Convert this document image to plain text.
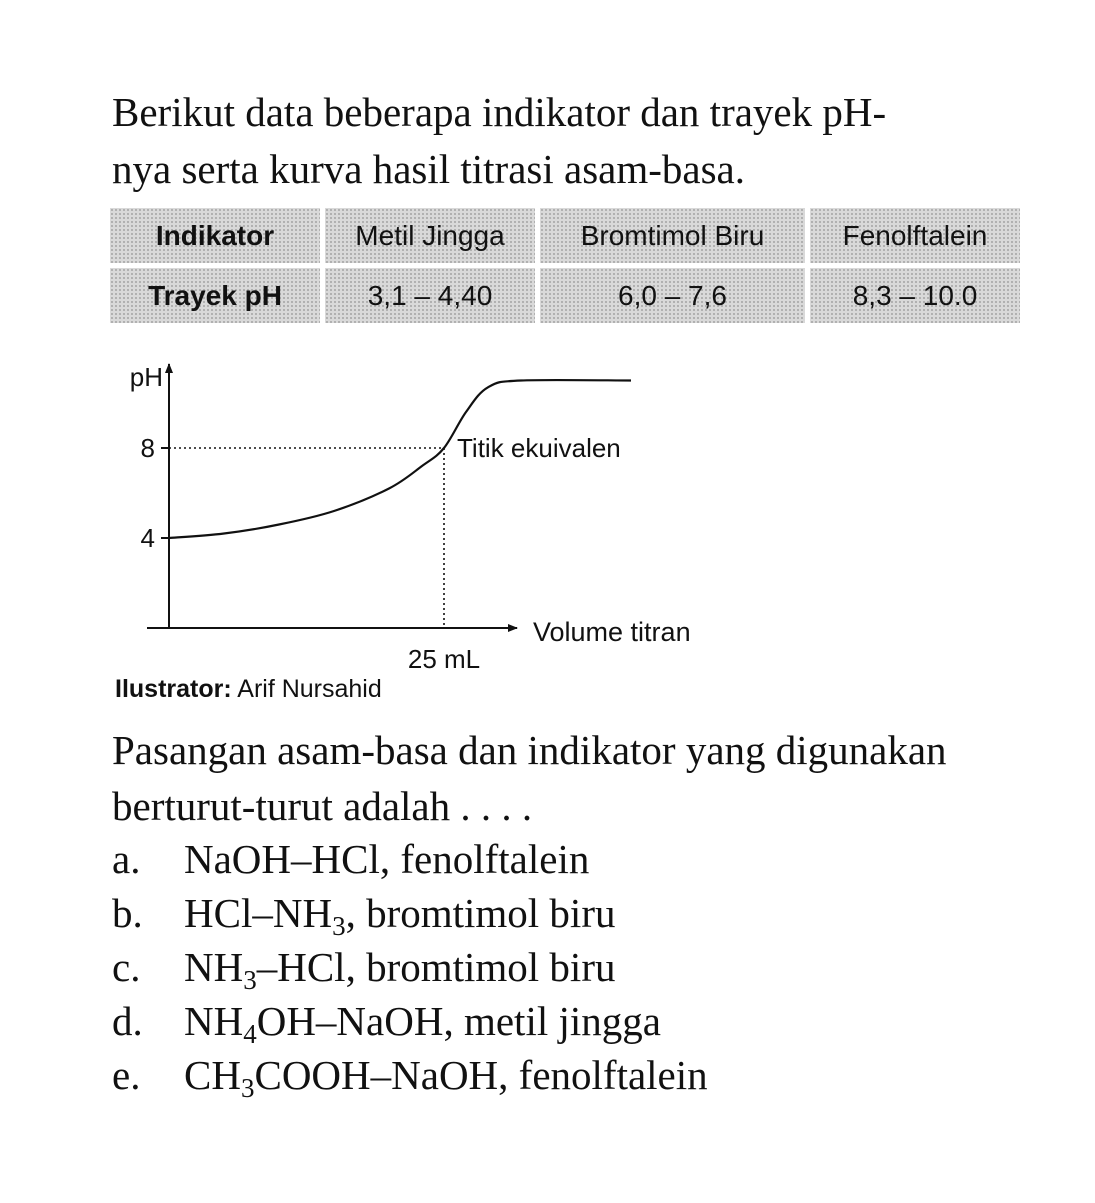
Berikut data beberapa indikator dan trayek pH-
nya serta kurva hasil titrasi asam-basa.

Indikator	Metil Jingga	Bromtimol Biru	Fenolftalein
Trayek pH	3,1 – 4,40	6,0 – 7,6	8,3 – 10.0
pH
Volume titran
8
4
25 mL
Titik ekuivalen
Ilustrator: Arif Nursahid

Pasangan asam-basa dan indikator yang digunakan
berturut-turut adalah . . . .

a. NaOH–HCl, fenolftalein
b. HCl–$NH_3$, bromtimol biru
c. $NH_3$–HCl, bromtimol biru
d. $NH_4OH$–NaOH, metil jingga
e. $CH_3COOH$–NaOH, fenolftalein
